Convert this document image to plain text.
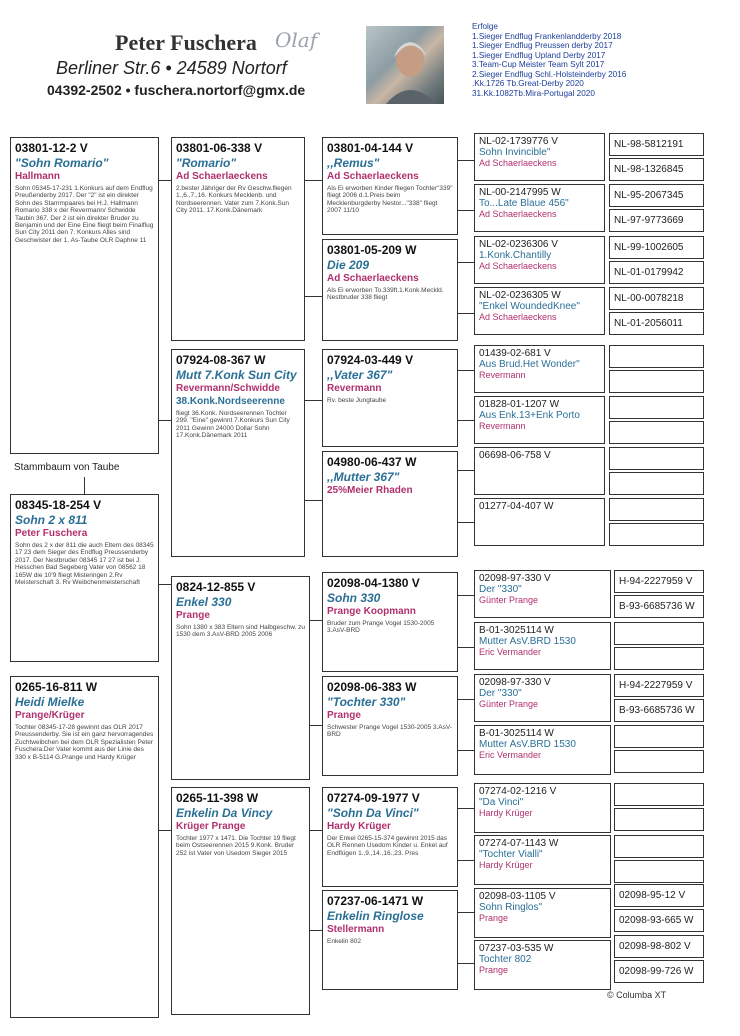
Peter Fuschera Olaf
Berliner Str.6 • 24589 Nortorf
04392-2502 • fuschera.nortorf@gmx.de
Erfolge
1.Sieger Endflug Frankenlandderby 2018
1.Sieger Endflug Preussen derby 2017
1.Sieger Endflug Upland Derby 2017
3.Team-Cup Meister Team Sylt 2017
2.Sieger Endflug Schl.-Holsteinderby 2016
.Kk.1726 Tb.Great-Derby 2020
31.Kk.1082Tb.Mira-Portugal 2020
03801-12-2 V
"Sohn Romario"
Hallmann
Sohn 05345-17-231 1.Konkurs auf dem Endflug Preußenderby 2017. Der "2" ist ein direkter Sohn des Stammpaares bei H.J. Hallmann Romario 338 x der Revermann/ Schwidde Taubin 367. Der 2 ist ein direkter Bruder zu Benjamin und der Eine Eine fliegt beim Finalflug Sun City 2011 den 7. Konkurs Alles sind Geschwister der 1. As-Taube OLR Daphne 11
Stammbaum von Taube
08345-18-254 V
Sohn 2 x 811
Peter Fuschera
Sohn des 2 x der 811 die auch Eltern des 08345 17 23 dem Sieger des Endflug Preussenderby 2017. Der Nestbruder 08345 17 27 ist bei J. Hesschen Bad Segeberg Vater von 08562 18 165W die 10'9 fliegt Misteringen 2.Rv Meisterschaft 3. Rv Weibchenmeisterschaft
0265-16-811 W
Heidi Mielke
Prange/Krüger
Tochter 08345-17-28 gewinnt das OLR 2017 Preussenderby. Sie ist ein ganz hervorragendes Zuchtweibchen bei dem OLR Spezialisten Peter Fuschera.Der Vater kommt aus der Linie des 330 x B-5114 G.Prange und Hardy Krüger
03801-06-338 V
"Romario"
Ad Schaerlaeckens
2.bester Jähriger der Rv Geschw.fliegen 1.,6.,7.,16. Konkurs Mecklenb. und Nordseerennen. Vater zum 7.Konk.Sun City 2011. 17.Konk.Dänemark
07924-08-367 W
Mutt 7.Konk Sun City
Revermann/Schwidde
38.Konk.Nordseerenne
fliegt 36.Konk. Nordseerennen Tochter 299. "Eine" gewinnt 7.Konkurs Sun City 2011 Gewinn 24000 Dollar Sohn 17.Konk.Dänemark 2011
0824-12-855 V
Enkel 330
Prange
Sohn 1380 x 383 Eltern sind Halbgeschw. zu 1530 dem 3.AsV-BRD 2005 2006
0265-11-398 W
Enkelin Da Vincy
Krüger Prange
Tochter 1977 x 1471. Die Tochter 19 fliegt beim Ostseerennen 2015 9.Konk. Bruder 252 ist Vater von Usedom Sieger 2015
03801-04-144 V
,,Remus"
Ad Schaerlaeckens
Als Ei erworben Kinder fliegen Tochter"339" fliegt 2006 d.1.Preis beim Mecklenburgderby Nestor..."338" fliegt 2007 11/10
03801-05-209 W
Die 209
Ad Schaerlaeckens
Als Ei erworben To.339ft.1.Konk.Meckld. Nestbruder 338 fliegt
07924-03-449 V
,,Vater 367"
Revermann
Rv. beste Jungtaube
04980-06-437 W
,,Mutter 367"
25%Meier Rhaden
02098-04-1380 V
Sohn 330
Prange Koopmann
Bruder zum Prange Vogel 1530-2005 3.AsV-BRD
02098-06-383 W
"Tochter 330"
Prange
Schwester Prange Vogel 1530-2005 3.AsV-BRD
07274-09-1977 V
"Sohn Da Vinci"
Hardy Krüger
Der Enkel 0265-15-374 gewinnt 2015 das OLR Rennen Usedom Kinder u. Enkel auf Endflügen 1.,9.,14.,16.,23. Pres
07237-06-1471 W
Enkelin Ringlose
Stellermann
Enkelin 802
NL-02-1739776 V
Sohn Invincible"
Ad Schaerlaeckens
NL-00-2147995 W
To...Late Blaue 456"
Ad Schaerlaeckens
NL-02-0236306 V
1.Konk.Chantilly
Ad Schaerlaeckens
NL-02-0236305 W
"Enkel WoundedKnee"
Ad Schaerlaeckens
01439-02-681 V
Aus Brud.Het Wonder"
Revermann
01828-01-1207 W
Aus Enk.13+Enk Porto
Revermann
06698-06-758 V
01277-04-407 W
02098-97-330 V
Der "330"
Günter Prange
B-01-3025114 W
Mutter AsV.BRD 1530
Eric Vermander
02098-97-330 V
Der "330"
Günter Prange
B-01-3025114 W
Mutter AsV.BRD 1530
Eric Vermander
07274-02-1216 V
"Da Vinci"
Hardy Krüger
07274-07-1143 W
"Tochter Vialli"
Hardy Krüger
02098-03-1105 V
Sohn Ringlos"
Prange
07237-03-535 W
Tochter 802
Prange
NL-98-5812191
NL-98-1326845
NL-95-2067345
NL-97-9773669
NL-99-1002605
NL-01-0179942
NL-00-0078218
NL-01-2056011
H-94-2227959 V
B-93-6685736 W
H-94-2227959 V
B-93-6685736 W
02098-95-12 V
02098-93-665 W
02098-98-802 V
02098-99-726 W
© Columba XT
